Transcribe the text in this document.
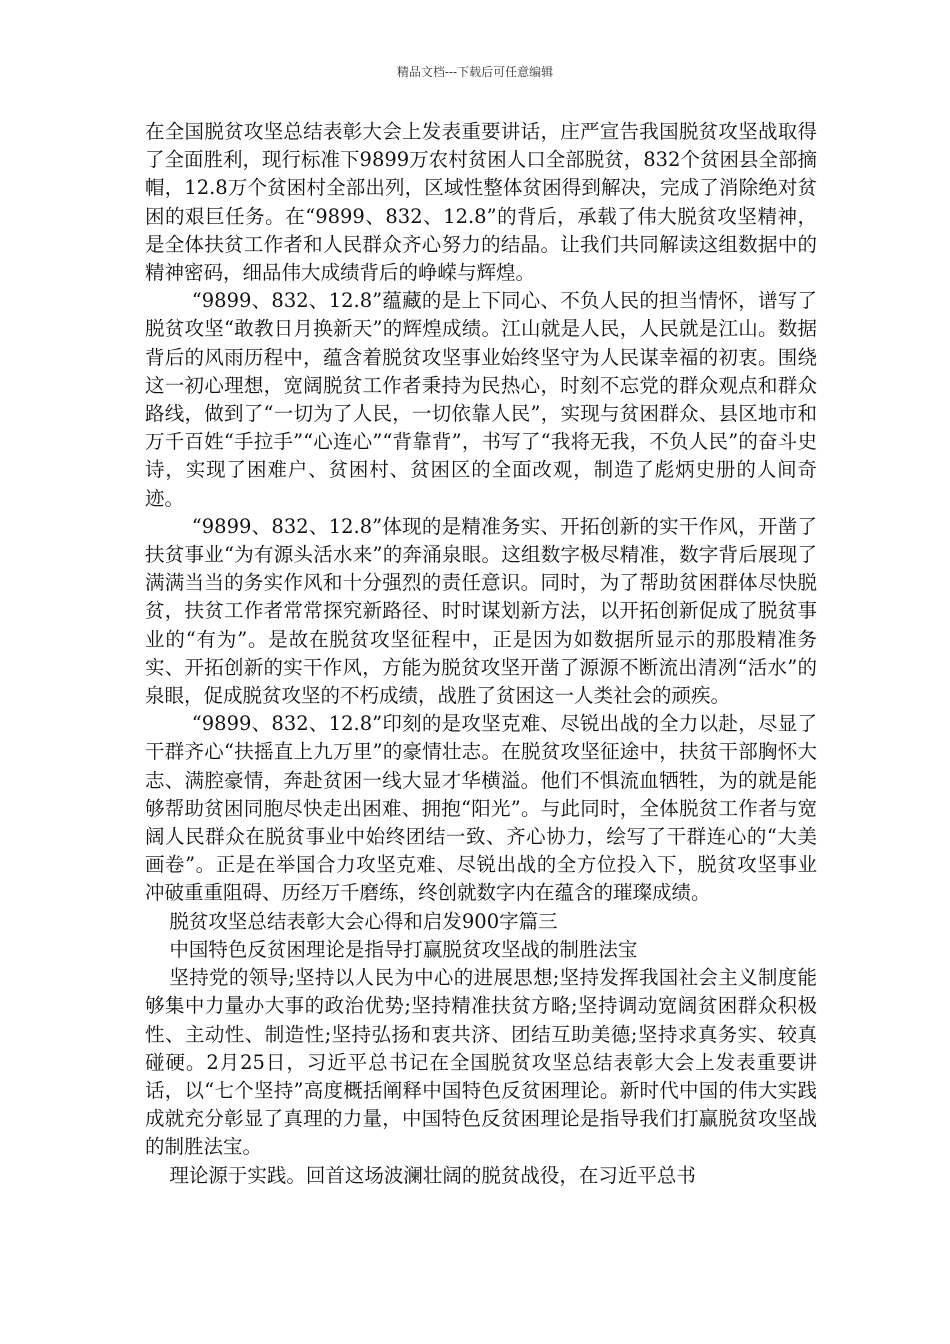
精品文档---下载后可任意编辑

在全国脱贫攻坚总结表彰大会上发表重要讲话，庄严宣告我国脱贫攻坚战取得了全面胜利，现行标准下9899万农村贫困人口全部脱贫，832个贫困县全部摘帽，12.8万个贫困村全部出列，区域性整体贫困得到解决，完成了消除绝对贫困的艰巨任务。在“9899、832、12.8”的背后，承载了伟大脱贫攻坚精神，是全体扶贫工作者和人民群众齐心努力的结晶。让我们共同解读这组数据中的精神密码，细品伟大成绩背后的峥嵘与辉煌。

“9899、832、12.8”蕴藏的是上下同心、不负人民的担当情怀，谱写了脱贫攻坚“敢教日月换新天”的辉煌成绩。江山就是人民，人民就是江山。数据背后的风雨历程中，蕴含着脱贫攻坚事业始终坚守为人民谋幸福的初衷。围绕这一初心理想，宽阔脱贫工作者秉持为民热心，时刻不忘党的群众观点和群众路线，做到了“一切为了人民，一切依靠人民”，实现与贫困群众、县区地市和万千百姓“手拉手”“心连心”“背靠背”，书写了“我将无我，不负人民”的奋斗史诗，实现了困难户、贫困村、贫困区的全面改观，制造了彪炳史册的人间奇迹。

“9899、832、12.8”体现的是精准务实、开拓创新的实干作风，开凿了扶贫事业“为有源头活水来”的奔涌泉眼。这组数字极尽精准，数字背后展现了满满当当的务实作风和十分强烈的责任意识。同时，为了帮助贫困群体尽快脱贫，扶贫工作者常常探究新路径、时时谋划新方法，以开拓创新促成了脱贫事业的“有为”。是故在脱贫攻坚征程中，正是因为如数据所显示的那股精准务实、开拓创新的实干作风，方能为脱贫攻坚开凿了源源不断流出清冽“活水”的泉眼，促成脱贫攻坚的不朽成绩，战胜了贫困这一人类社会的顽疾。

“9899、832、12.8”印刻的是攻坚克难、尽锐出战的全力以赴，尽显了干群齐心“扶摇直上九万里”的豪情壮志。在脱贫攻坚征途中，扶贫干部胸怀大志、满腔豪情，奔赴贫困一线大显才华横溢。他们不惧流血牺牲，为的就是能够帮助贫困同胞尽快走出困难、拥抱“阳光”。与此同时，全体脱贫工作者与宽阔人民群众在脱贫事业中始终团结一致、齐心协力，绘写了干群连心的“大美画卷”。正是在举国合力攻坚克难、尽锐出战的全方位投入下，脱贫攻坚事业冲破重重阻碍、历经万千磨练，终创就数字内在蕴含的璀璨成绩。

脱贫攻坚总结表彰大会心得和启发900字篇三

中国特色反贫困理论是指导打赢脱贫攻坚战的制胜法宝

坚持党的领导;坚持以人民为中心的进展思想;坚持发挥我国社会主义制度能够集中力量办大事的政治优势;坚持精准扶贫方略;坚持调动宽阔贫困群众积极性、主动性、制造性;坚持弘扬和衷共济、团结互助美德;坚持求真务实、较真碰硬。2月25日，习近平总书记在全国脱贫攻坚总结表彰大会上发表重要讲话，以“七个坚持”高度概括阐释中国特色反贫困理论。新时代中国的伟大实践成就充分彰显了真理的力量，中国特色反贫困理论是指导我们打赢脱贫攻坚战的制胜法宝。

理论源于实践。回首这场波澜壮阔的脱贫战役，在习近平总书
